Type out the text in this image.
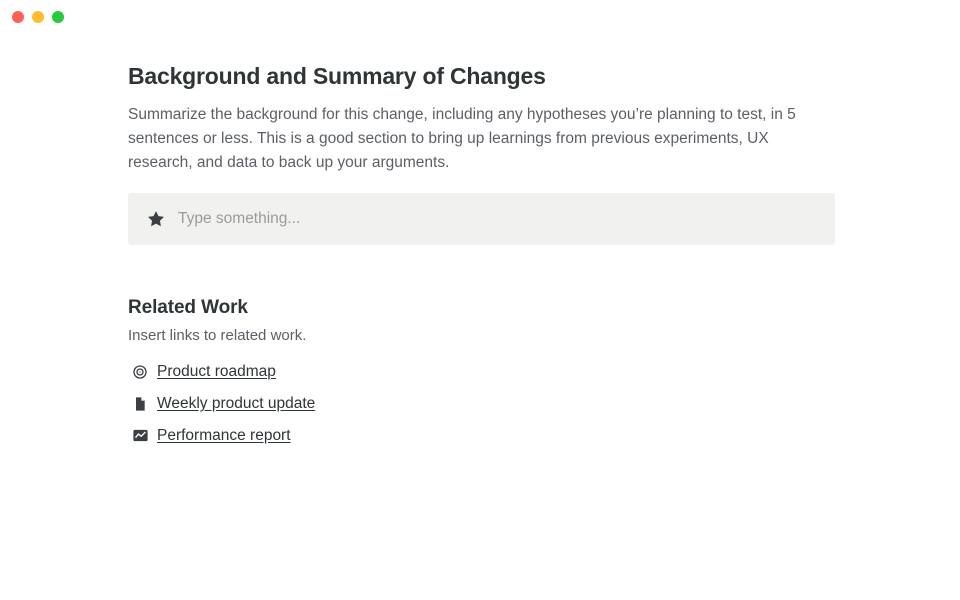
Background and Summary of Changes

Summarize the background for this change, including any hypotheses you’re planning to test, in 5 sentences or less. This is a good section to bring up learnings from previous experiments, UX research, and data to back up your arguments.

Type something...
Related Work

Insert links to related work.

Product roadmap
Weekly product update
Performance report
